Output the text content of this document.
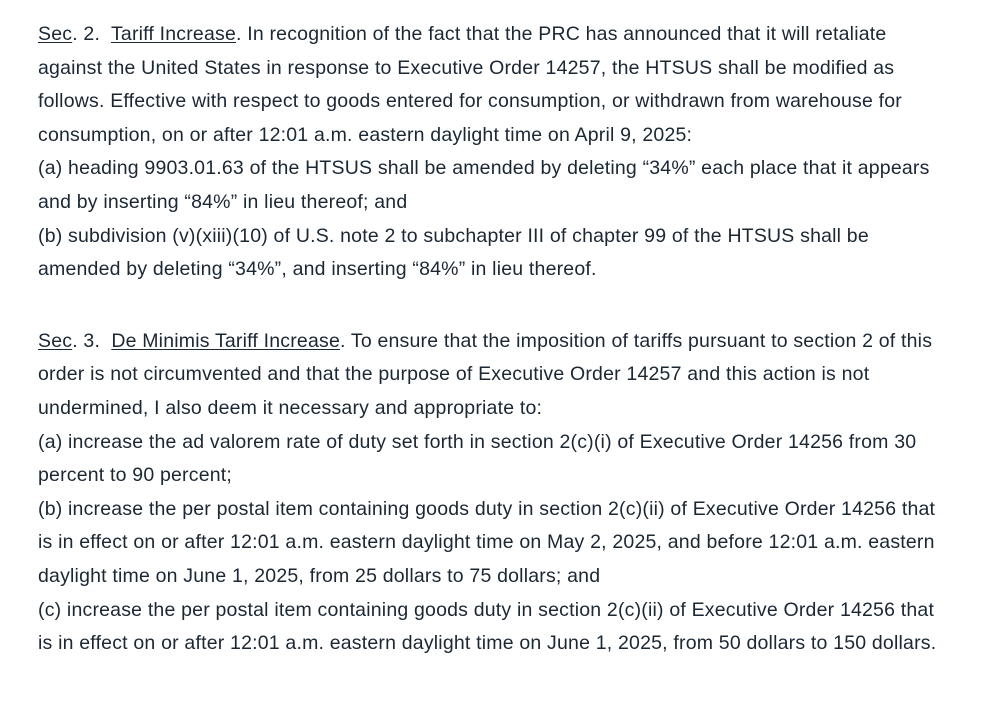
Sec. 2. Tariff Increase. In recognition of the fact that the PRC has announced that it will retaliate against the United States in response to Executive Order 14257, the HTSUS shall be modified as follows. Effective with respect to goods entered for consumption, or withdrawn from warehouse for consumption, on or after 12:01 a.m. eastern daylight time on April 9, 2025:

(a) heading 9903.01.63 of the HTSUS shall be amended by deleting “34%” each place that it appears and by inserting “84%” in lieu thereof; and

(b) subdivision (v)(xiii)(10) of U.S. note 2 to subchapter III of chapter 99 of the HTSUS shall be amended by deleting “34%”, and inserting “84%” in lieu thereof.

Sec. 3. De Minimis Tariff Increase. To ensure that the imposition of tariffs pursuant to section 2 of this order is not circumvented and that the purpose of Executive Order 14257 and this action is not undermined, I also deem it necessary and appropriate to:

(a) increase the ad valorem rate of duty set forth in section 2(c)(i) of Executive Order 14256 from 30 percent to 90 percent;

(b) increase the per postal item containing goods duty in section 2(c)(ii) of Executive Order 14256 that is in effect on or after 12:01 a.m. eastern daylight time on May 2, 2025, and before 12:01 a.m. eastern daylight time on June 1, 2025, from 25 dollars to 75 dollars; and

(c) increase the per postal item containing goods duty in section 2(c)(ii) of Executive Order 14256 that is in effect on or after 12:01 a.m. eastern daylight time on June 1, 2025, from 50 dollars to 150 dollars.
